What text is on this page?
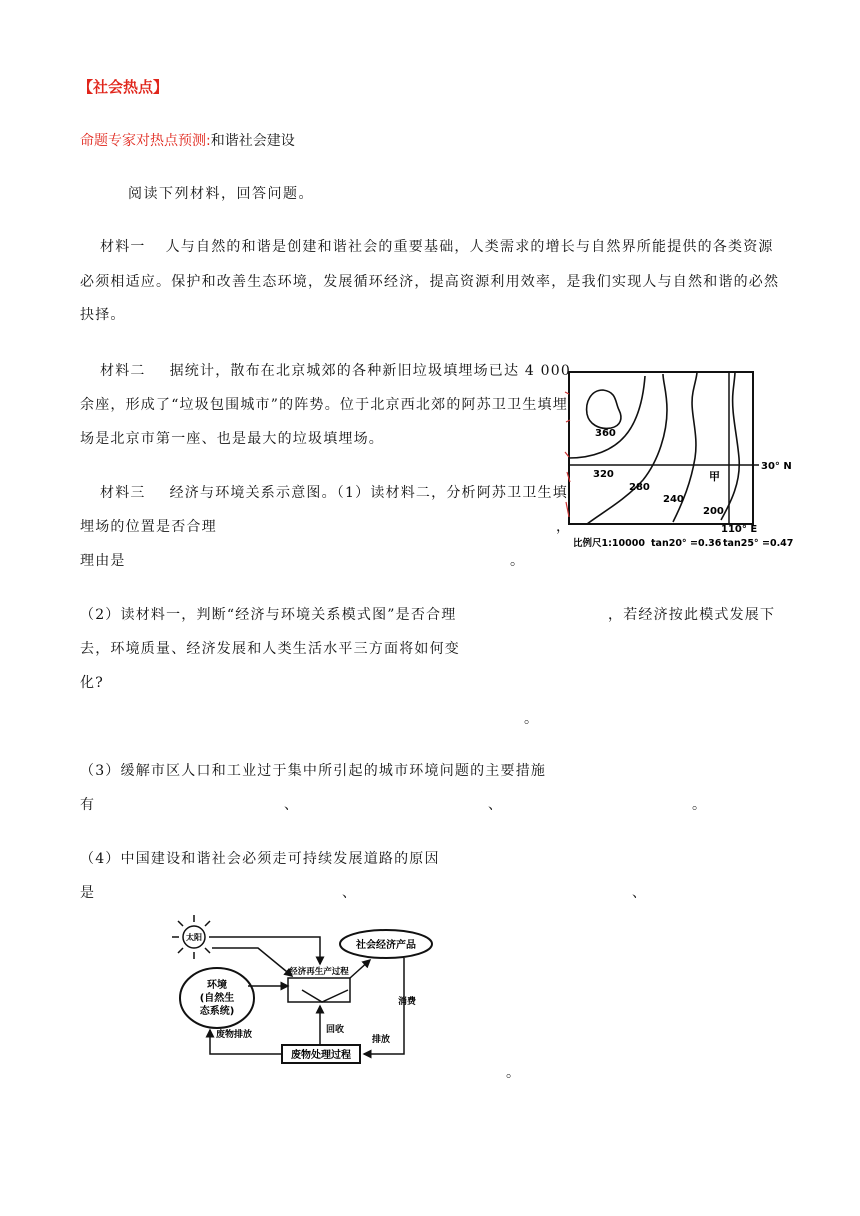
【社会热点】
命题专家对热点预测:和谐社会建设
阅读下列材料，回答问题。
材料一 人与自然的和谐是创建和谐社会的重要基础，人类需求的增长与自然界所能提供的各类资源
必须相适应。保护和改善生态环境，发展循环经济，提高资源利用效率，是我们实现人与自然和谐的必然
抉择。
材料二 据统计，散布在北京城郊的各种新旧垃圾填埋场已达 4 000
余座，形成了“垃圾包围城市”的阵势。位于北京西北郊的阿苏卫卫生填埋
场是北京市第一座、也是最大的垃圾填埋场。
材料三 经济与环境关系示意图。（1）读材料二，分析阿苏卫卫生填
埋场的位置是否合理	，
理由是	。
30° N
110° E
360
320
280
240
200
甲
比例尺1:10000 tan20° =0.36 tan25° =0.47
（2）读材料一，判断“经济与环境关系模式图”是否合理	，若经济按此模式发展下
去，环境质量、经济发展和人类生活水平三方面将如何变
化?
。
（3）缓解市区人口和工业过于集中所引起的城市环境问题的主要措施
有	、	、	。
（4）中国建设和谐社会必须走可持续发展道路的原因
是	、	、
。
太阳
社会经济产品
环境
(自然生
态系统)
经济再生产过程
废物处理过程
消费
排放
回收
废物排放
